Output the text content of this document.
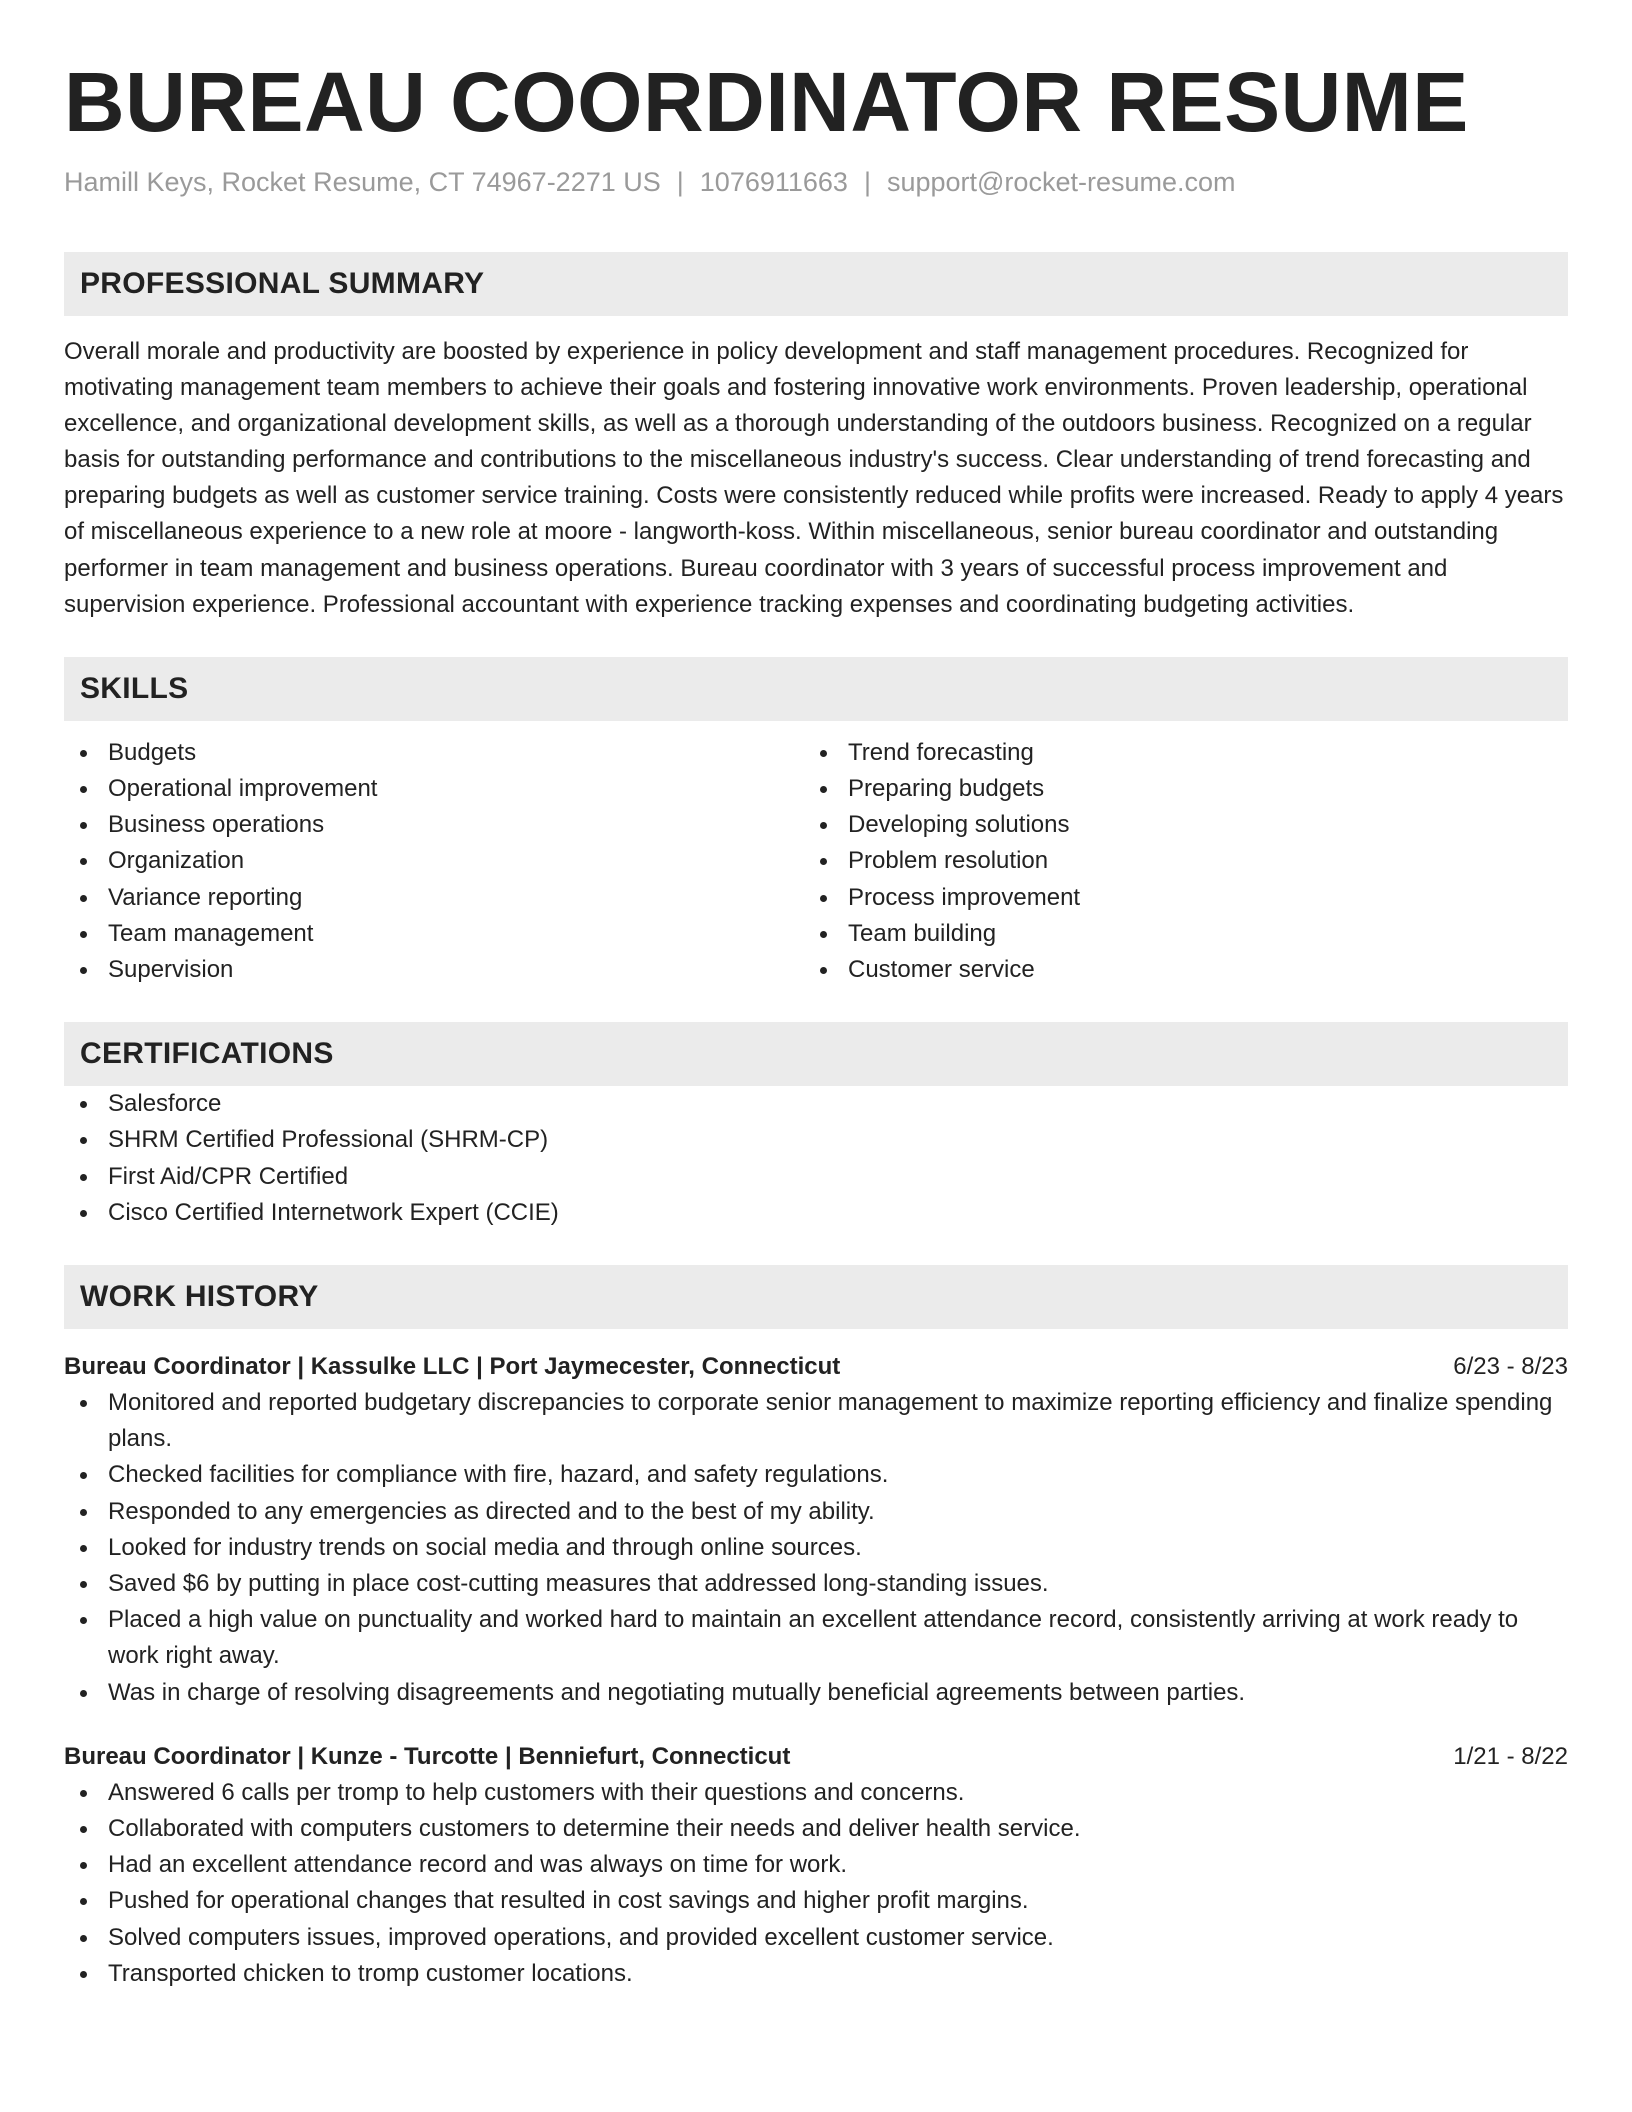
BUREAU COORDINATOR RESUME
Hamill Keys, Rocket Resume, CT 74967-2271 US | 1076911663 | support@rocket-resume.com
PROFESSIONAL SUMMARY

Overall morale and productivity are boosted by experience in policy development and staff management procedures. Recognized for motivating management team members to achieve their goals and fostering innovative work environments. Proven leadership, operational excellence, and organizational development skills, as well as a thorough understanding of the outdoors business. Recognized on a regular basis for outstanding performance and contributions to the miscellaneous industry's success. Clear understanding of trend forecasting and preparing budgets as well as customer service training. Costs were consistently reduced while profits were increased. Ready to apply 4 years of miscellaneous experience to a new role at moore - langworth-koss. Within miscellaneous, senior bureau coordinator and outstanding performer in team management and business operations. Bureau coordinator with 3 years of successful process improvement and supervision experience. Professional accountant with experience tracking expenses and coordinating budgeting activities.

SKILLS
Budgets
Operational improvement
Business operations
Organization
Variance reporting
Team management
Supervision
Trend forecasting
Preparing budgets
Developing solutions
Problem resolution
Process improvement
Team building
Customer service
CERTIFICATIONS
Salesforce
SHRM Certified Professional (SHRM-CP)
First Aid/CPR Certified
Cisco Certified Internetwork Expert (CCIE)
WORK HISTORY
Bureau Coordinator | Kassulke LLC | Port Jaymecester, Connecticut	6/23 - 8/23
Monitored and reported budgetary discrepancies to corporate senior management to maximize reporting efficiency and finalize spending plans.
Checked facilities for compliance with fire, hazard, and safety regulations.
Responded to any emergencies as directed and to the best of my ability.
Looked for industry trends on social media and through online sources.
Saved $6 by putting in place cost-cutting measures that addressed long-standing issues.
Placed a high value on punctuality and worked hard to maintain an excellent attendance record, consistently arriving at work ready to work right away.
Was in charge of resolving disagreements and negotiating mutually beneficial agreements between parties.
Bureau Coordinator | Kunze - Turcotte | Benniefurt, Connecticut	1/21 - 8/22
Answered 6 calls per tromp to help customers with their questions and concerns.
Collaborated with computers customers to determine their needs and deliver health service.
Had an excellent attendance record and was always on time for work.
Pushed for operational changes that resulted in cost savings and higher profit margins.
Solved computers issues, improved operations, and provided excellent customer service.
Transported chicken to tromp customer locations.
